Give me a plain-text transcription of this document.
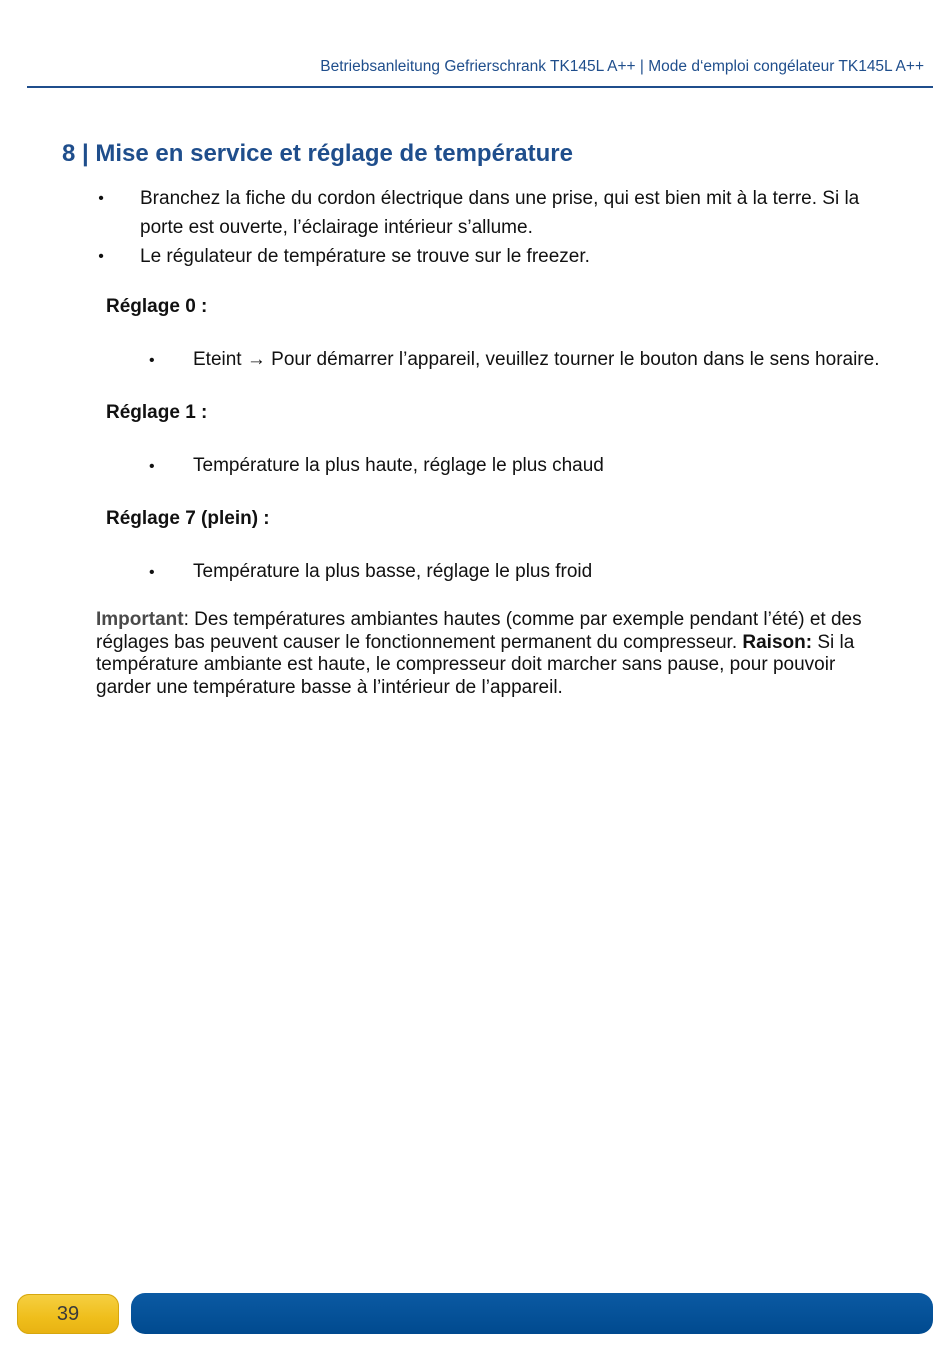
Betriebsanleitung Gefrierschrank TK145L A++ | Mode d‘emploi congélateur TK145L A++
8 | Mise en service et réglage de température
• Branchez la fiche du cordon électrique dans une prise, qui est bien mit à la terre. Si la porte est ouverte, l’éclairage intérieur s’allume.
• Le régulateur de température se trouve sur le freezer.
Réglage 0 :
• Eteint → Pour démarrer l’appareil, veuillez tourner le bouton dans le sens horaire.
Réglage 1 :
• Température la plus haute, réglage le plus chaud
Réglage 7 (plein) :
• Température la plus basse, réglage le plus froid

Important: Des températures ambiantes hautes (comme par exemple pendant l’été) et des réglages bas peuvent causer le fonctionnement permanent du compresseur. Raison: Si la température ambiante est haute, le compresseur doit marcher sans pause, pour pouvoir garder une température basse à l’intérieur de l’appareil.

39
